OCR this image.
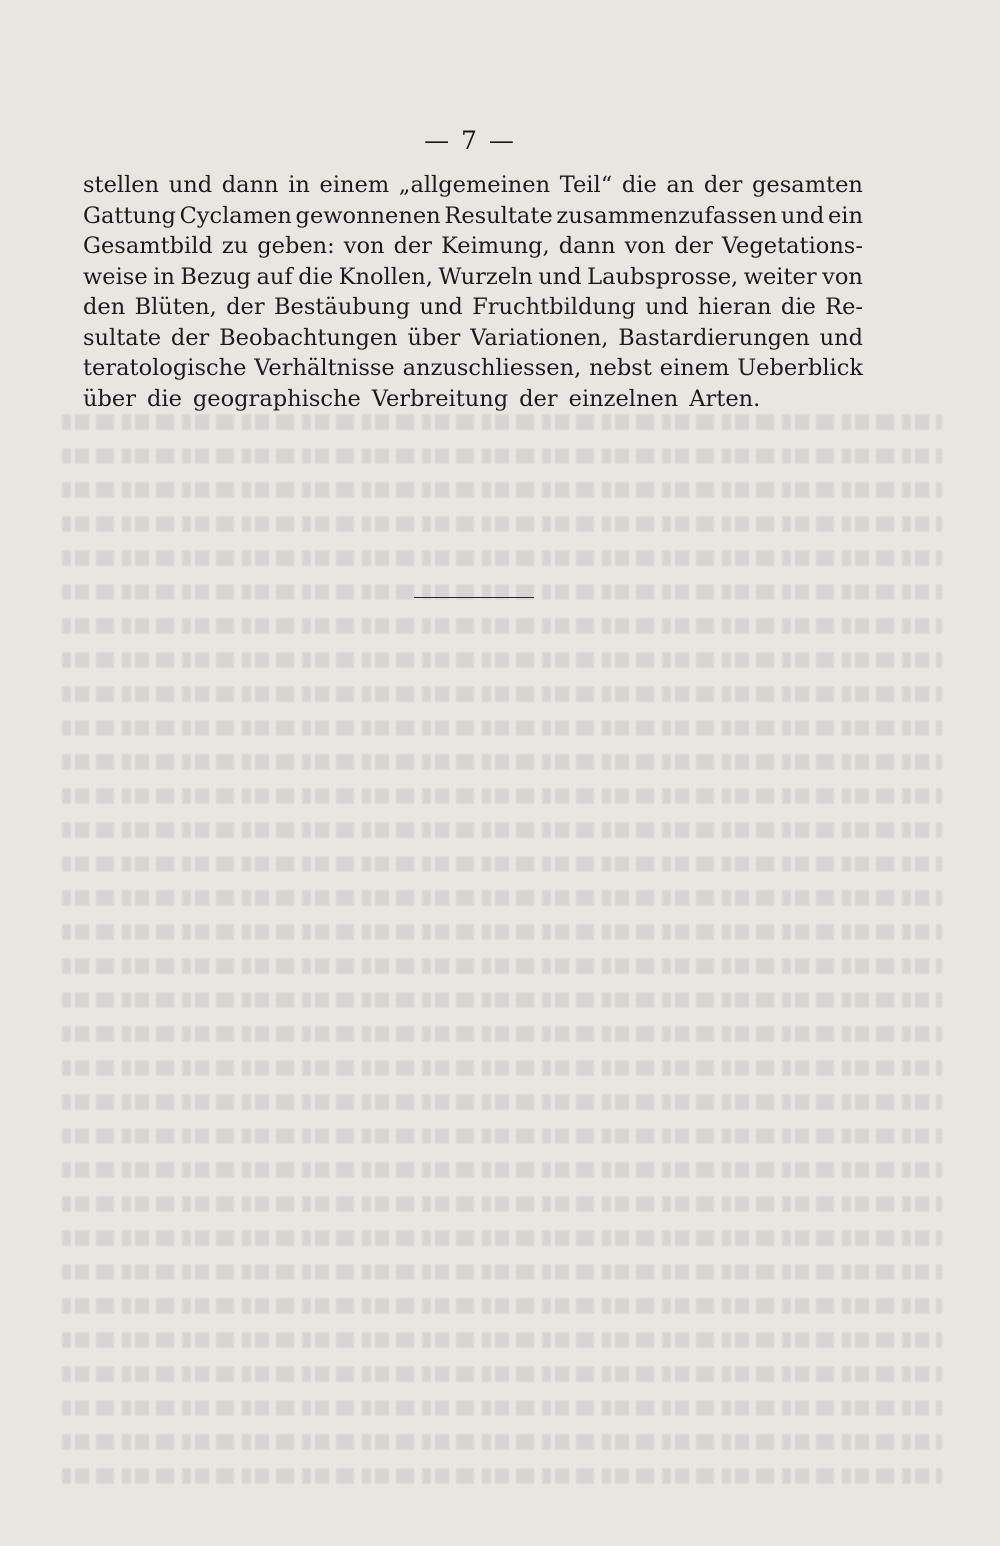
— 7 —
stellen und dann in einem „allgemeinen Teil“ die an der gesamten
Gattung Cyclamen gewonnenen Resultate zusammenzufassen und ein
Gesamtbild zu geben: von der Keimung, dann von der Vegetations-
weise in Bezug auf die Knollen, Wurzeln und Laubsprosse, weiter von
den Blüten, der Bestäubung und Fruchtbildung und hieran die Re-
sultate der Beobachtungen über Variationen, Bastardierungen und
teratologische Verhältnisse anzuschliessen, nebst einem Ueberblick
über die geographische Verbreitung der einzelnen Arten.
